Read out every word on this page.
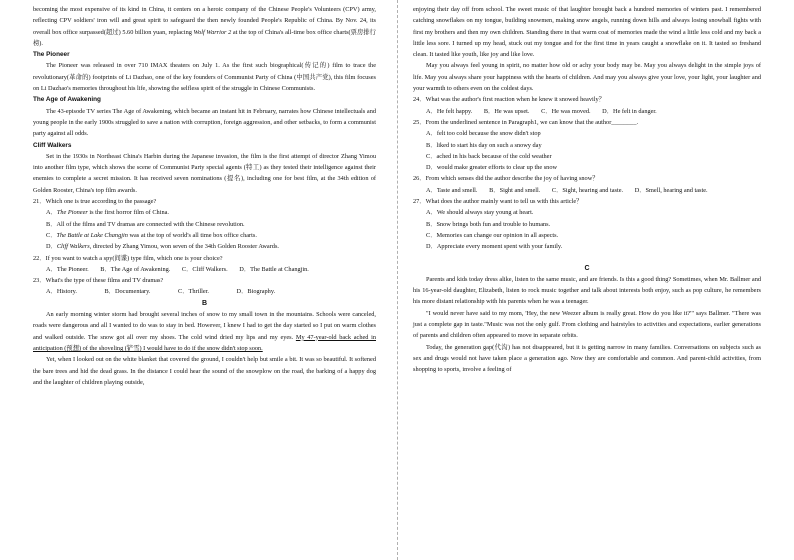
becoming the most expensive of its kind in China, it centers on a heroic company of the Chinese People's Volunteers (CPV) army, reflecting CPV soldiers' iron will and great spirit to safeguard the then newly founded People's Republic of China. By Nov. 24, its overall box office surpassed(超过) 5.60 billion yuan, replacing Wolf Warrior 2 at the top of China's all-time box office charts(票房排行榜).

The Pioneer

The Pioneer was released in over 710 IMAX theaters on July 1. As the first such biographical(传记的) film to trace the revolutionary(革命的) footprints of Li Dazhao, one of the key founders of Communist Party of China (中国共产党), this film focuses on Li Dazhao's memories throughout his life, showing the selfless spirit of the struggle in Chinese Communists.

The Age of Awakening

The 43-episode TV series The Age of Awakening, which became an instant hit in February, narrates how Chinese intellectuals and young people in the early 1900s struggled to save a nation with corruption, foreign aggression, and other setbacks, to form a communist party against all odds.

Cliff Walkers

Set in the 1930s in Northeast China's Harbin during the Japanese invasion, the film is the first attempt of director Zhang Yimou into another film type, which shows the scene of Communist Party special agents (特工) as they tested their intelligence against their enemies to complete a secret mission. It has received seven nominations (提名), including one for best film, at the 34th edition of Golden Rooster, China's top film awards.

21．Which one is true according to the passage?

A．The Pioneer is the first horror film of China.

B．All of the films and TV dramas are connected with the Chinese revolution.

C．The Battle at Lake Changjin was at the top of world's all time box office charts.

D．Cliff Walkers, directed by Zhang Yimou, won seven of the 34th Golden Rooster Awards.

22．If you want to watch a spy(间谍) type film, which one is your choice?

A．The Pioneer. B．The Age of Awakening. C．Cliff Walkers. D．The Battle at Changjin.

23．What's the type of these films and TV dramas?

A．History.	B．Documentary.	C．Thriller.	D．Biography.

B

An early morning winter storm had brought several inches of snow to my small town in the mountains. Schools were canceled, roads were dangerous and all I wanted to do was to stay in bed. However, I knew I had to get the day started so I put on warm clothes and walked outside. The snow got all over my shoes. The cold wind dried my lips and my eyes. My 47-year-old back ached in anticipation (预想) of the shoveling (铲雪) I would have to do if the snow didn't stop soon.

Yet, when I looked out on the white blanket that covered the ground, I couldn't help but smile a bit. It was so beautiful. It softened the bare trees and hid the dead grass. In the distance I could hear the sound of the snowplow on the road, the barking of a happy dog and the laughter of children playing outside,

enjoying their day off from school. The sweet music of that laughter brought back a hundred memories of winters past. I remembered catching snowflakes on my tongue, building snowmen, making snow angels, running down hills and always losing snowball fights with first my brothers and then my own children. Standing there in that warm coat of memories made the wind a little less cold and my back a little less sore. I turned up my head, stuck out my tongue and for the first time in years caught a snowflake on it. It tasted so freshand clean. It tasted like youth, like joy and like love.

May you always feel young in spirit, no matter how old or achy your body may be. May you always delight in the simple joys of life. May you always share your happiness with the hearts of children. And may you always give your love, your light, your laughter and your warmth to others even on the coldest days.

24．What was the author's first reaction when he knew it snowed heavily？

A．He felt happy. B．He was upset. C．He was moved. D．He felt in danger.

25．From the underlined sentence in Paragraph1, we can know that the author________.

A．felt too cold because the snow didn't stop

B．liked to start his day on such a snowy day

C．ached in his back because of the cold weather

D．would make greater efforts to clear up the snow

26．From which senses did the author describe the joy of having snow？

A．Taste and smell. B．Sight and smell. C．Sight, hearing and taste. D．Smell, hearing and taste.

27．What does the author mainly want to tell us with this article？

A．We should always stay young at heart.

B．Snow brings both fun and trouble to humans.

C．Memories can change our opinion in all aspects.

D．Appreciate every moment spent with your family.

C

Parents and kids today dress alike, listen to the same music, and are friends. Is this a good thing? Sometimes, when Mr. Ballmer and his 16-year-old daughter, Elizabeth, listen to rock music together and talk about interests both enjoy, such as pop culture, he remembers his more distant relationship with his parents when he was a teenager.

"I would never have said to my mom, 'Hey, the new Weezer album is really great. How do you like it?'" says Ballmer. "There was just a complete gap in taste."Music was not the only gulf. From clothing and hairstyles to activities and expectations, earlier generations of parents and children often appeared to move in separate orbits.

Today, the generation gap(代沟) has not disappeared, but it is getting narrow in many families. Conversations on subjects such as sex and drugs would not have taken place a generation ago. Now they are comfortable and common. And parent-child activities, from shopping to sports, involve a feeling of
